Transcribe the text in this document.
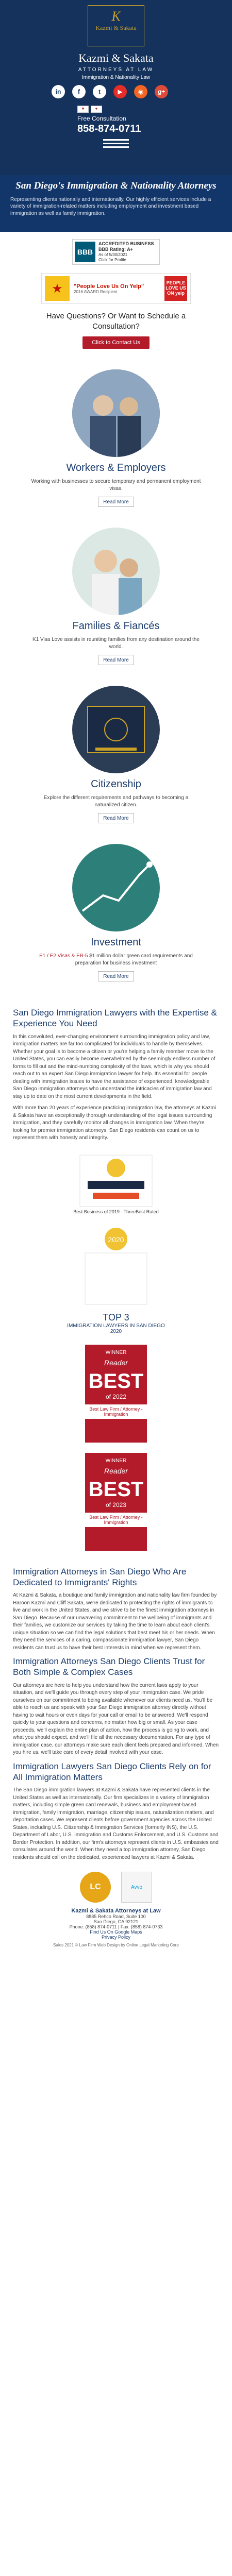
K
Kazmi & Sakata
Kazmi & Sakata
ATTORNEYS AT LAW
Immigration & Nationality Law
in	f	t	▶	◉	g+
★	●
Free Consultation
858-874-0711
San Diego's Immigration & Nationality Attorneys

Representing clients nationally and internationally. Our highly efficient services include a variety of immigration-related matters including employment and investment based immigration as well as family immigration.

BBB
ACCREDITED BUSINESS
BBB Rating: A+
As of 5/30/2021
Click for Profile
★	"People Love Us On Yelp"
2016 AWARD Recipient
PEOPLE LOVE US ON yelp
Have Questions? Or Want to Schedule a Consultation?
Click to Contact Us
Workers & Employers
Working with businesses to secure temporary and permanent employment visas.
Read More
Families & Fiancés
K1 Visa Love assists in reuniting families from any destination around the world.
Read More
Citizenship
Explore the different requirements and pathways to becoming a naturalized citizen.
Read More
Investment
E1 / E2 Visas & EB-5 $1 million dollar green card requirements and preparation for business investment
Read More
San Diego Immigration Lawyers with the Expertise & Experience You Need

In this convoluted, ever-changing environment surrounding immigration policy and law, immigration matters are far too complicated for individuals to handle by themselves. Whether your goal is to become a citizen or you're helping a family member move to the United States, you can easily become overwhelmed by the seemingly endless number of forms to fill out and the mind-numbing complexity of the laws, which is why you should reach out to an expert San Diego immigration lawyer for help. It's essential for people dealing with immigration issues to have the assistance of experienced, knowledgeable San Diego immigration attorneys who understand the intricacies of immigration law and stay up to date on the most current developments in the field.

With more than 20 years of experience practicing immigration law, the attorneys at Kazmi & Sakata have an exceptionally thorough understanding of the legal issues surrounding immigration, and they carefully monitor all changes in immigration law. When they're looking for premier immigration attorneys, San Diego residents can count on us to represent them with honesty and integrity.

Best Business of 2019 · ThreeBest Rated
2020
TOP 3
IMMIGRATION LAWYERS IN SAN DIEGO
2020
WINNER
Reader
BEST
of 2022
Best Law Firm / Attorney - Immigration
WINNER
Reader
BEST
of 2023
Best Law Firm / Attorney - Immigration
Immigration Attorneys in San Diego Who Are Dedicated to Immigrants' Rights

At Kazmi & Sakata, a boutique and family immigration and nationality law firm founded by Haroon Kazmi and Cliff Sakata, we're dedicated to protecting the rights of immigrants to live and work in the United States, and we strive to be the finest immigration attorneys in San Diego. Because of our unwavering commitment to the wellbeing of immigrants and their families, we customize our services by taking the time to learn about each client's unique situation so we can find the legal solutions that best meet his or her needs. When they need the services of a caring, compassionate immigration lawyer, San Diego residents can trust us to have their best interests in mind when we represent them.

Immigration Attorneys San Diego Clients Trust for Both Simple & Complex Cases

Our attorneys are here to help you understand how the current laws apply to your situation, and we'll guide you through every step of your immigration case. We pride ourselves on our commitment to being available whenever our clients need us. You'll be able to reach us and speak with your San Diego immigration attorney directly without having to wait hours or even days for your call or email to be answered. We'll respond quickly to your questions and concerns, no matter how big or small. As your case proceeds, we'll explain the entire plan of action, how the process is going to work, and what you should expect, and we'll file all the necessary documentation. For any type of immigration case, our attorneys make sure each client feels prepared and informed. When you hire us, we'll take care of every detail involved with your case.

Immigration Lawyers San Diego Clients Rely on for All Immigration Matters

The San Diego immigration lawyers at Kazmi & Sakata have represented clients in the United States as well as internationally. Our firm specializes in a variety of immigration matters, including simple green card renewals, business and employment-based immigration, family immigration, marriage, citizenship issues, naturalization matters, and deportation cases. We represent clients before government agencies across the United States, including U.S. Citizenship & Immigration Services (formerly INS), the U.S. Department of Labor, U.S. Immigration and Customs Enforcement, and U.S. Customs and Border Protection. In addition, our firm's attorneys represent clients in U.S. embassies and consulates around the world. When they need a top immigration attorney, San Diego residents should call on the dedicated, experienced lawyers at Kazmi & Sakata.

LC	Avvo
Kazmi & Sakata Attorneys at Law
8885 Rehco Road, Suite 100
San Diego, CA 92121
Phone: (858) 874-0711 | Fax: (858) 874-0733
Find Us On Google Maps
Privacy Policy
Sales 2021 © Law Firm Web Design by Online Legal Marketing Corp
